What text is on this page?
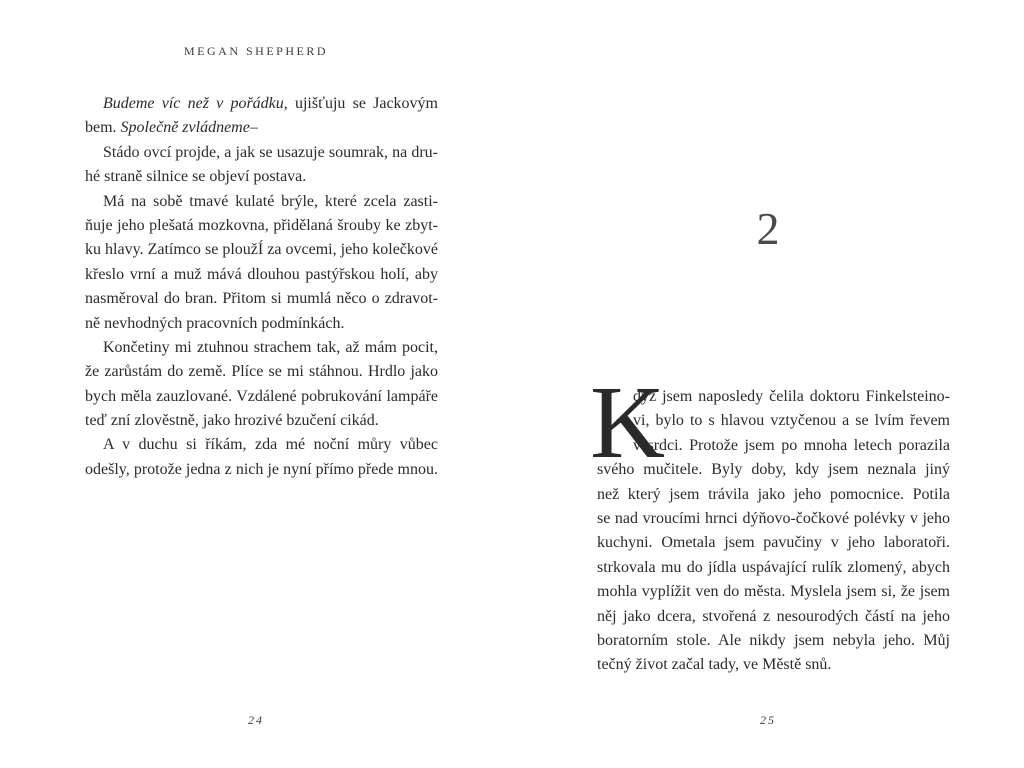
MEGAN SHEPHERD
Budeme víc než v pořádku, ujišťuju se Jackovým
bem. Společně zvládneme–
Stádo ovcí projde, a jak se usazuje soumrak, na dru-
hé straně silnice se objeví postava.
Má na sobě tmavé kulaté brýle, které zcela zasti-
ňuje jeho plešatá mozkovna, přidělaná šrouby ke zbyt-
ku hlavy. Zatímco se ploužÍ za ovcemi, jeho kolečkové
křeslo vrní a muž mává dlouhou pastýřskou holí, aby
nasměroval do bran. Přitom si mumlá něco o zdravot-
ně nevhodných pracovních podmínkách.
Končetiny mi ztuhnou strachem tak, až mám pocit,
že zarůstám do země. Plíce se mi stáhnou. Hrdlo jako
bych měla zauzlované. Vzdálené pobrukování lampáře
teď zní zlověstně, jako hrozivé bzučení cikád.
A v duchu si říkám, zda mé noční můry vůbec
odešly, protože jedna z nich je nyní přímo přede mnou.
24
2
K
dyž jsem naposledy čelila doktoru Finkelsteino-
vi, bylo to s hlavou vztyčenou a se lvím řevem
v srdci. Protože jsem po mnoha letech porazila
svého mučitele. Byly doby, kdy jsem neznala jiný
než který jsem trávila jako jeho pomocnice. Potila
se nad vroucími hrnci dýňovo-čočkové polévky v jeho
kuchyni. Ometala jsem pavučiny v jeho laboratoři.
strkovala mu do jídla uspávající rulík zlomený, abych
mohla vyplížit ven do města. Myslela jsem si, že jsem
něj jako dcera, stvořená z nesourodých částí na jeho
boratorním stole. Ale nikdy jsem nebyla jeho. Můj
tečný život začal tady, ve Městě snů.
25
